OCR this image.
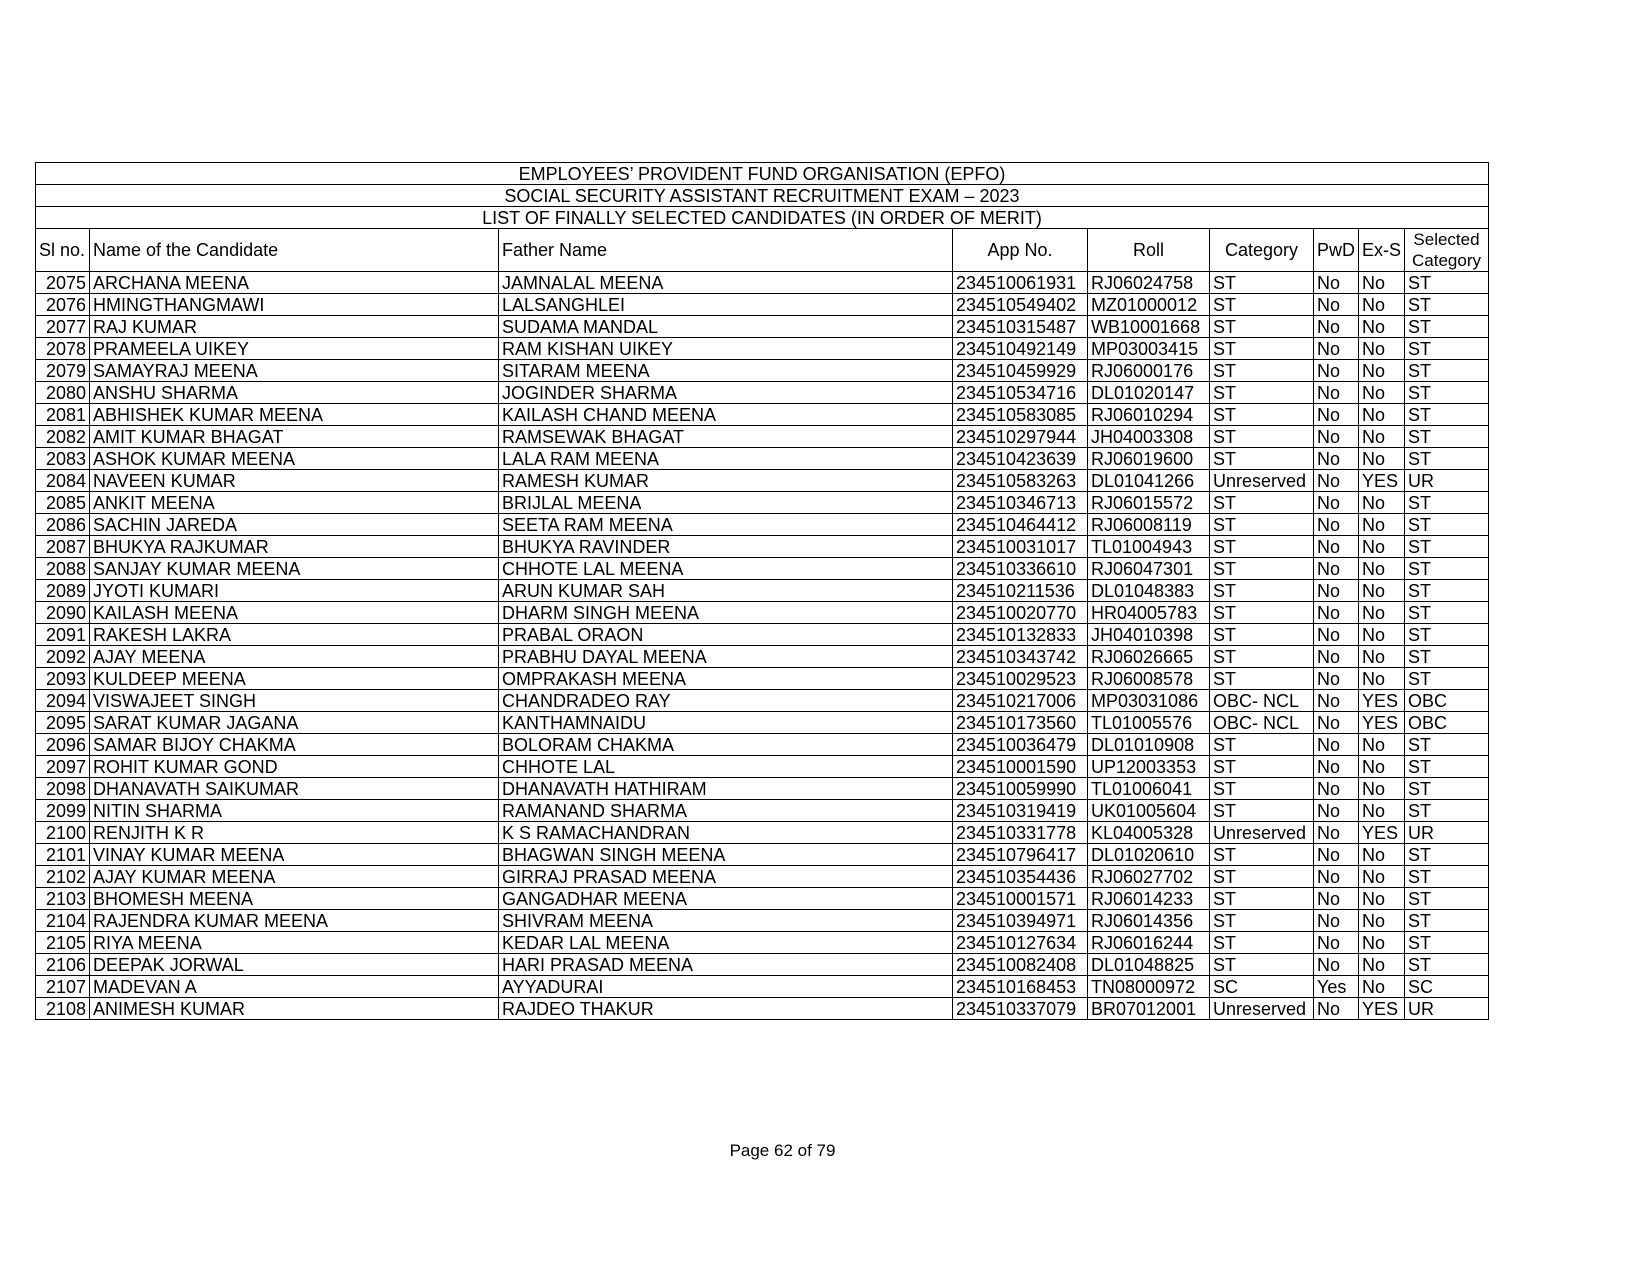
EMPLOYEES’ PROVIDENT FUND ORGANISATION (EPFO)								
SOCIAL SECURITY ASSISTANT RECRUITMENT EXAM – 2023								
LIST OF FINALLY SELECTED CANDIDATES (IN ORDER OF MERIT)								
Sl no.	Name of the Candidate	Father Name	App No.	Roll	Category	PwD	Ex-S	Selected Category
2075	ARCHANA MEENA	JAMNALAL MEENA	234510061931	RJ06024758	ST	No	No	ST
2076	HMINGTHANGMAWI	LALSANGHLEI	234510549402	MZ01000012	ST	No	No	ST
2077	RAJ KUMAR	SUDAMA MANDAL	234510315487	WB10001668	ST	No	No	ST
2078	PRAMEELA UIKEY	RAM KISHAN UIKEY	234510492149	MP03003415	ST	No	No	ST
2079	SAMAYRAJ MEENA	SITARAM MEENA	234510459929	RJ06000176	ST	No	No	ST
2080	ANSHU SHARMA	JOGINDER SHARMA	234510534716	DL01020147	ST	No	No	ST
2081	ABHISHEK KUMAR MEENA	KAILASH CHAND MEENA	234510583085	RJ06010294	ST	No	No	ST
2082	AMIT KUMAR BHAGAT	RAMSEWAK BHAGAT	234510297944	JH04003308	ST	No	No	ST
2083	ASHOK KUMAR MEENA	LALA RAM MEENA	234510423639	RJ06019600	ST	No	No	ST
2084	NAVEEN KUMAR	RAMESH KUMAR	234510583263	DL01041266	Unreserved	No	YES	UR
2085	ANKIT MEENA	BRIJLAL MEENA	234510346713	RJ06015572	ST	No	No	ST
2086	SACHIN JAREDA	SEETA RAM MEENA	234510464412	RJ06008119	ST	No	No	ST
2087	BHUKYA RAJKUMAR	BHUKYA RAVINDER	234510031017	TL01004943	ST	No	No	ST
2088	SANJAY KUMAR MEENA	CHHOTE LAL MEENA	234510336610	RJ06047301	ST	No	No	ST
2089	JYOTI KUMARI	ARUN KUMAR SAH	234510211536	DL01048383	ST	No	No	ST
2090	KAILASH MEENA	DHARM SINGH MEENA	234510020770	HR04005783	ST	No	No	ST
2091	RAKESH LAKRA	PRABAL ORAON	234510132833	JH04010398	ST	No	No	ST
2092	AJAY MEENA	PRABHU DAYAL MEENA	234510343742	RJ06026665	ST	No	No	ST
2093	KULDEEP MEENA	OMPRAKASH MEENA	234510029523	RJ06008578	ST	No	No	ST
2094	VISWAJEET SINGH	CHANDRADEO RAY	234510217006	MP03031086	OBC- NCL	No	YES	OBC
2095	SARAT KUMAR JAGANA	KANTHAMNAIDU	234510173560	TL01005576	OBC- NCL	No	YES	OBC
2096	SAMAR BIJOY CHAKMA	BOLORAM CHAKMA	234510036479	DL01010908	ST	No	No	ST
2097	ROHIT KUMAR GOND	CHHOTE LAL	234510001590	UP12003353	ST	No	No	ST
2098	DHANAVATH SAIKUMAR	DHANAVATH HATHIRAM	234510059990	TL01006041	ST	No	No	ST
2099	NITIN SHARMA	RAMANAND SHARMA	234510319419	UK01005604	ST	No	No	ST
2100	RENJITH K R	K S RAMACHANDRAN	234510331778	KL04005328	Unreserved	No	YES	UR
2101	VINAY KUMAR MEENA	BHAGWAN SINGH MEENA	234510796417	DL01020610	ST	No	No	ST
2102	AJAY KUMAR MEENA	GIRRAJ PRASAD MEENA	234510354436	RJ06027702	ST	No	No	ST
2103	BHOMESH MEENA	GANGADHAR MEENA	234510001571	RJ06014233	ST	No	No	ST
2104	RAJENDRA KUMAR MEENA	SHIVRAM MEENA	234510394971	RJ06014356	ST	No	No	ST
2105	RIYA MEENA	KEDAR LAL MEENA	234510127634	RJ06016244	ST	No	No	ST
2106	DEEPAK JORWAL	HARI PRASAD MEENA	234510082408	DL01048825	ST	No	No	ST
2107	MADEVAN A	AYYADURAI	234510168453	TN08000972	SC	Yes	No	SC
2108	ANIMESH KUMAR	RAJDEO THAKUR	234510337079	BR07012001	Unreserved	No	YES	UR
Page 62 of 79
